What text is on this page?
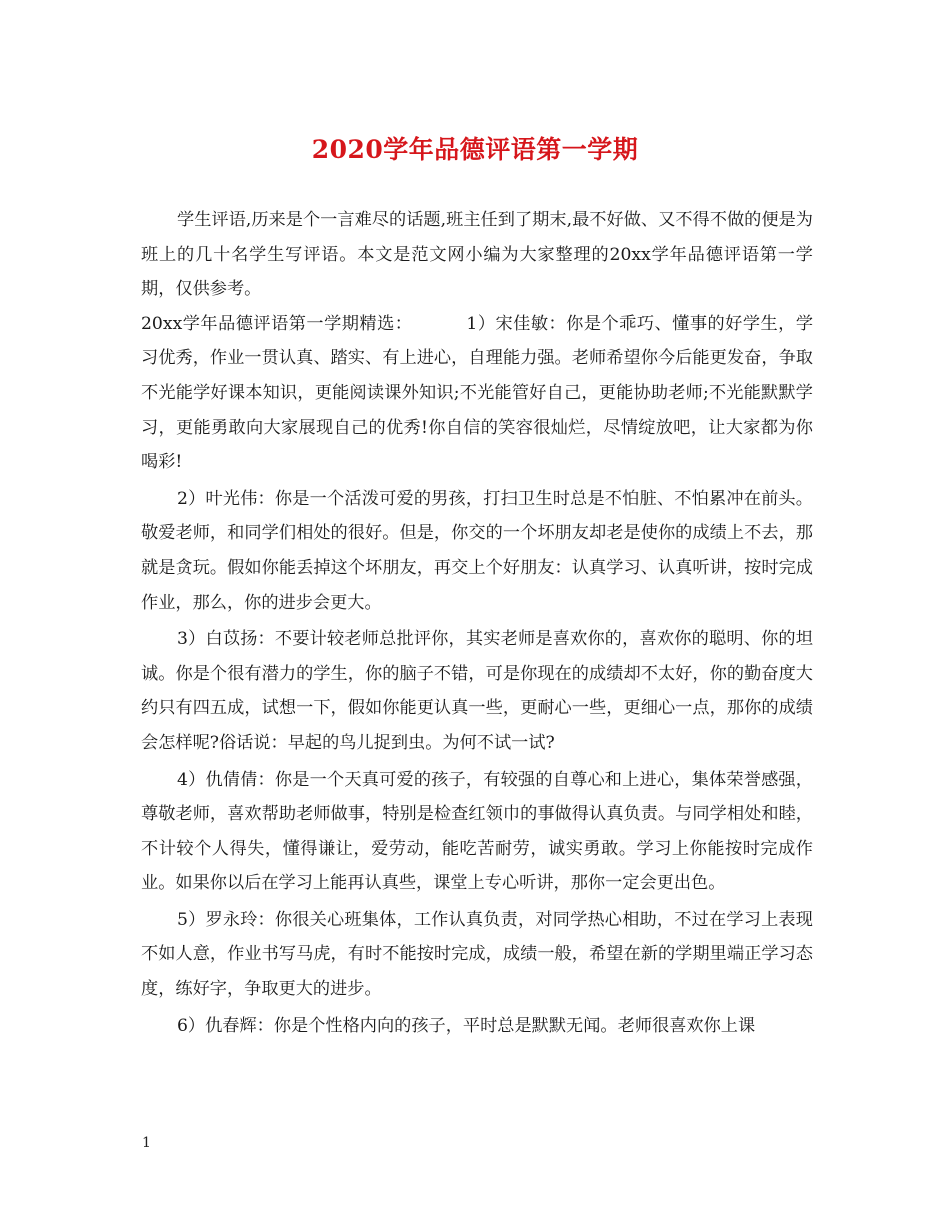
2020学年品德评语第一学期

学生评语,历来是个一言难尽的话题,班主任到了期末,最不好做、又不得不做的便是为班上的几十名学生写评语。本文是范文网小编为大家整理的20xx学年品德评语第一学期，仅供参考。

20xx学年品德评语第一学期精选：	1）宋佳敏：你是个乖巧、懂事的好学生，学习优秀，作业一贯认真、踏实、有上进心，自理能力强。老师希望你今后能更发奋，争取不光能学好课本知识，更能阅读课外知识;不光能管好自己，更能协助老师;不光能默默学习，更能勇敢向大家展现自己的优秀!你自信的笑容很灿烂，尽情绽放吧，让大家都为你喝彩!

2）叶光伟：你是一个活泼可爱的男孩，打扫卫生时总是不怕脏、不怕累冲在前头。敬爱老师，和同学们相处的很好。但是，你交的一个坏朋友却老是使你的成绩上不去，那就是贪玩。假如你能丢掉这个坏朋友，再交上个好朋友：认真学习、认真听讲，按时完成作业，那么，你的进步会更大。

3）白苡扬：不要计较老师总批评你，其实老师是喜欢你的，喜欢你的聪明、你的坦诚。你是个很有潜力的学生，你的脑子不错，可是你现在的成绩却不太好，你的勤奋度大约只有四五成，试想一下，假如你能更认真一些，更耐心一些，更细心一点，那你的成绩会怎样呢?俗话说：早起的鸟儿捉到虫。为何不试一试?

4）仇倩倩：你是一个天真可爱的孩子，有较强的自尊心和上进心，集体荣誉感强，尊敬老师，喜欢帮助老师做事，特别是检查红领巾的事做得认真负责。与同学相处和睦，不计较个人得失，懂得谦让，爱劳动，能吃苦耐劳，诚实勇敢。学习上你能按时完成作业。如果你以后在学习上能再认真些，课堂上专心听讲，那你一定会更出色。

5）罗永玲：你很关心班集体，工作认真负责，对同学热心相助，不过在学习上表现不如人意，作业书写马虎，有时不能按时完成，成绩一般，希望在新的学期里端正学习态度，练好字，争取更大的进步。

6）仇春辉：你是个性格内向的孩子，平时总是默默无闻。老师很喜欢你上课

1
